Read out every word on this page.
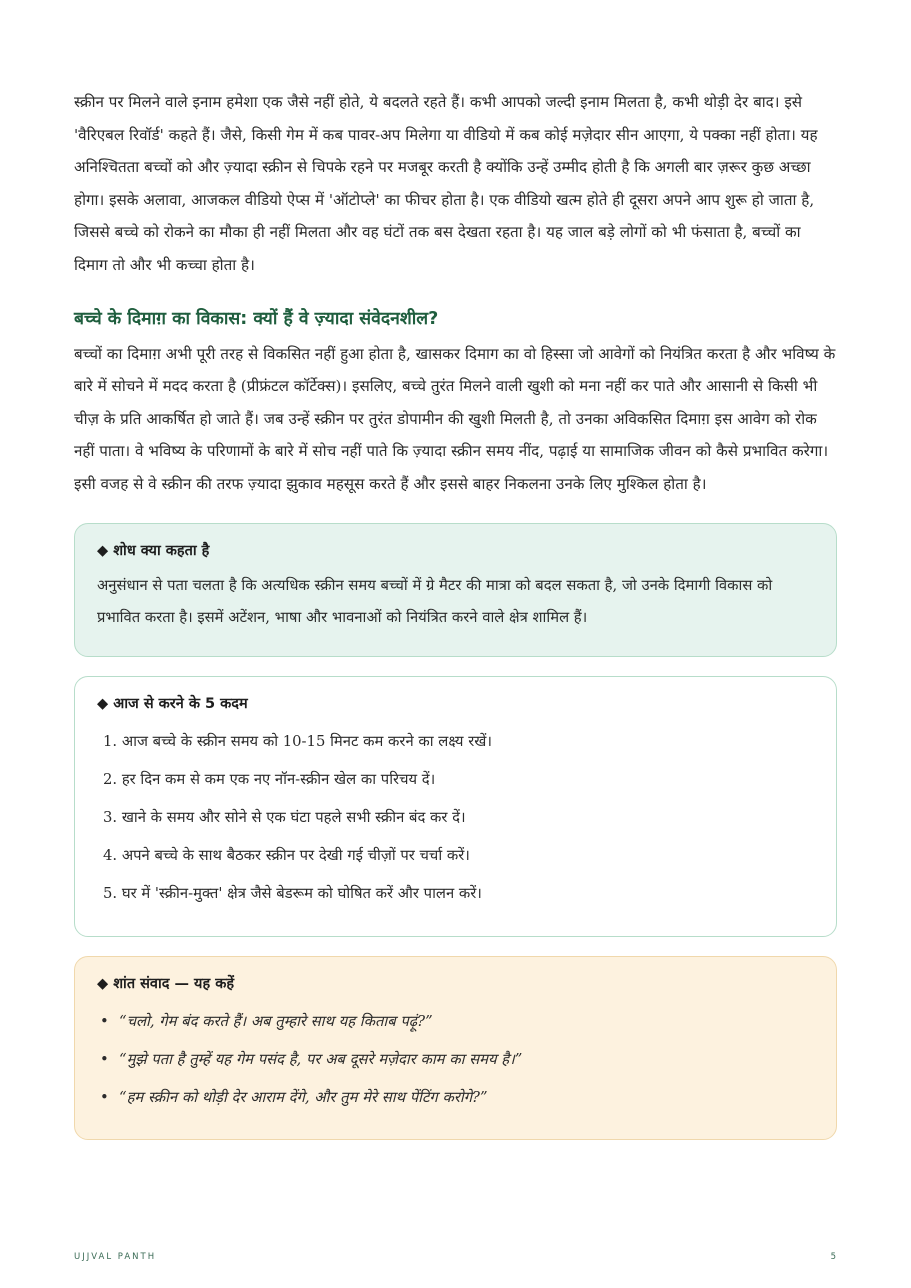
स्क्रीन पर मिलने वाले इनाम हमेशा एक जैसे नहीं होते, ये बदलते रहते हैं। कभी आपको जल्दी इनाम मिलता है, कभी थोड़ी देर बाद। इसे 'वैरिएबल रिवॉर्ड' कहते हैं। जैसे, किसी गेम में कब पावर-अप मिलेगा या वीडियो में कब कोई मज़ेदार सीन आएगा, ये पक्का नहीं होता। यह अनिश्चितता बच्चों को और ज़्यादा स्क्रीन से चिपके रहने पर मजबूर करती है क्योंकि उन्हें उम्मीद होती है कि अगली बार ज़रूर कुछ अच्छा होगा। इसके अलावा, आजकल वीडियो ऐप्स में 'ऑटोप्ले' का फीचर होता है। एक वीडियो खत्म होते ही दूसरा अपने आप शुरू हो जाता है, जिससे बच्चे को रोकने का मौका ही नहीं मिलता और वह घंटों तक बस देखता रहता है। यह जाल बड़े लोगों को भी फंसाता है, बच्चों का दिमाग तो और भी कच्चा होता है।

बच्चे के दिमाग़ का विकास: क्यों हैं वे ज़्यादा संवेदनशील?

बच्चों का दिमाग़ अभी पूरी तरह से विकसित नहीं हुआ होता है, खासकर दिमाग का वो हिस्सा जो आवेगों को नियंत्रित करता है और भविष्य के बारे में सोचने में मदद करता है (प्रीफ्रंटल कॉर्टेक्स)। इसलिए, बच्चे तुरंत मिलने वाली खुशी को मना नहीं कर पाते और आसानी से किसी भी चीज़ के प्रति आकर्षित हो जाते हैं। जब उन्हें स्क्रीन पर तुरंत डोपामीन की खुशी मिलती है, तो उनका अविकसित दिमाग़ इस आवेग को रोक नहीं पाता। वे भविष्य के परिणामों के बारे में सोच नहीं पाते कि ज़्यादा स्क्रीन समय नींद, पढ़ाई या सामाजिक जीवन को कैसे प्रभावित करेगा। इसी वजह से वे स्क्रीन की तरफ ज़्यादा झुकाव महसूस करते हैं और इससे बाहर निकलना उनके लिए मुश्किल होता है।

◆ शोध क्या कहता है

अनुसंधान से पता चलता है कि अत्यधिक स्क्रीन समय बच्चों में ग्रे मैटर की मात्रा को बदल सकता है, जो उनके दिमागी विकास को प्रभावित करता है। इसमें अटेंशन, भाषा और भावनाओं को नियंत्रित करने वाले क्षेत्र शामिल हैं।

◆ आज से करने के 5 कदम
1. आज बच्चे के स्क्रीन समय को 10-15 मिनट कम करने का लक्ष्य रखें।
2. हर दिन कम से कम एक नए नॉन-स्क्रीन खेल का परिचय दें।
3. खाने के समय और सोने से एक घंटा पहले सभी स्क्रीन बंद कर दें।
4. अपने बच्चे के साथ बैठकर स्क्रीन पर देखी गई चीज़ों पर चर्चा करें।
5. घर में 'स्क्रीन-मुक्त' क्षेत्र जैसे बेडरूम को घोषित करें और पालन करें।
◆ शांत संवाद — यह कहें
• “चलो, गेम बंद करते हैं। अब तुम्हारे साथ यह किताब पढ़ूं?”
• “मुझे पता है तुम्हें यह गेम पसंद है, पर अब दूसरे मज़ेदार काम का समय है।”
• “हम स्क्रीन को थोड़ी देर आराम देंगे, और तुम मेरे साथ पेंटिंग करोगे?”
UJJVAL PANTH	5
